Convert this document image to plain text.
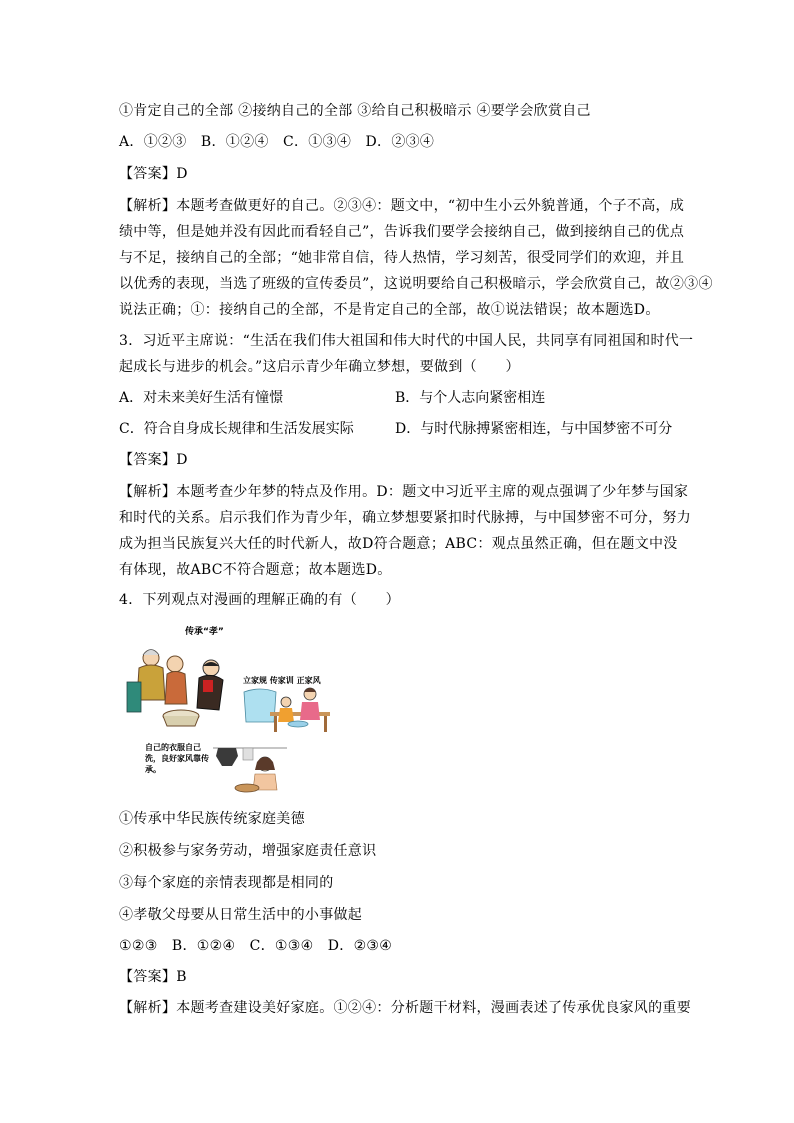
①肯定自己的全部 ②接纳自己的全部 ③给自己积极暗示 ④要学会欣赏自己
A．①②③　B．①②④　C．①③④　D．②③④
【答案】D
【解析】本题考查做更好的自己。②③④：题文中，“初中生小云外貌普通，个子不高，成
绩中等，但是她并没有因此而看轻自己”，告诉我们要学会接纳自己，做到接纳自己的优点
与不足，接纳自己的全部；“她非常自信，待人热情，学习刻苦，很受同学们的欢迎，并且
以优秀的表现，当选了班级的宣传委员”，这说明要给自己积极暗示，学会欣赏自己，故②③④
说法正确；①：接纳自己的全部，不是肯定自己的全部，故①说法错误；故本题选D。
3．习近平主席说：“生活在我们伟大祖国和伟大时代的中国人民，共同享有同祖国和时代一
起成长与进步的机会。”这启示青少年确立梦想，要做到（　　）
A．对未来美好生活有憧憬	B．与个人志向紧密相连
C．符合自身成长规律和生活发展实际	D．与时代脉搏紧密相连，与中国梦密不可分
【答案】D
【解析】本题考查少年梦的特点及作用。D：题文中习近平主席的观点强调了少年梦与国家
和时代的关系。启示我们作为青少年，确立梦想要紧扣时代脉搏，与中国梦密不可分，努力
成为担当民族复兴大任的时代新人，故D符合题意；ABC：观点虽然正确，但在题文中没
有体现，故ABC不符合题意；故本题选D。
4．下列观点对漫画的理解正确的有（　　）
传承“孝”
立家规 传家训 正家风
自己的衣服自己洗，良好家风靠传承。
①传承中华民族传统家庭美德
②积极参与家务劳动，增强家庭责任意识
③每个家庭的亲情表现都是相同的
④孝敬父母要从日常生活中的小事做起
①②③　B．①②④　C．①③④　D．②③④
【答案】B
【解析】本题考查建设美好家庭。①②④：分析题干材料，漫画表述了传承优良家风的重要
